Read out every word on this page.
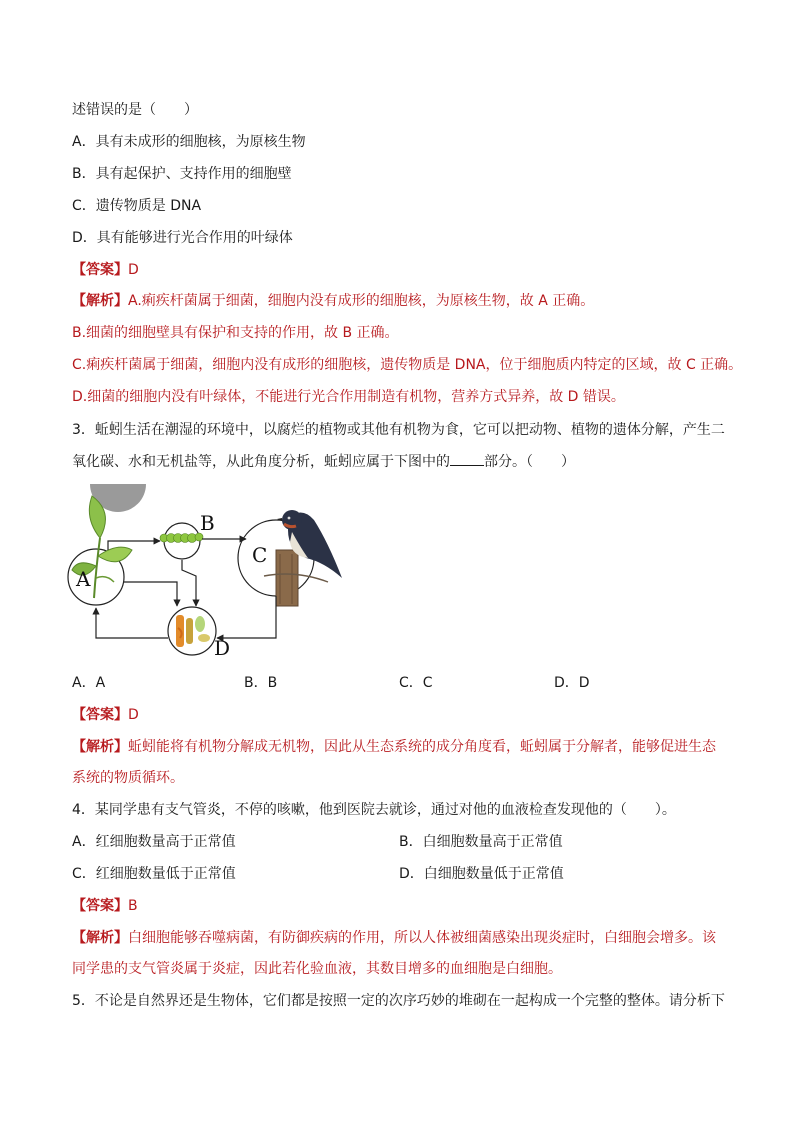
述错误的是（　　）
A．具有未成形的细胞核，为原核生物
B．具有起保护、支持作用的细胞壁
C．遗传物质是 DNA
D．具有能够进行光合作用的叶绿体
【答案】D
【解析】A.痢疾杆菌属于细菌，细胞内没有成形的细胞核，为原核生物，故 A 正确。
B.细菌的细胞壁具有保护和支持的作用，故 B 正确。
C.痢疾杆菌属于细菌，细胞内没有成形的细胞核，遗传物质是 DNA，位于细胞质内特定的区域，故 C 正确。
D.细菌的细胞内没有叶绿体，不能进行光合作用制造有机物，营养方式异养，故 D 错误。
3．蚯蚓生活在潮湿的环境中，以腐烂的植物或其他有机物为食，它可以把动物、植物的遗体分解，产生二
氧化碳、水和无机盐等，从此角度分析，蚯蚓应属于下图中的 部分。（　　）
A
B
C
D
A．A	B．B	C．C	D．D
【答案】D
【解析】蚯蚓能将有机物分解成无机物，因此从生态系统的成分角度看，蚯蚓属于分解者，能够促进生态
系统的物质循环。
4．某同学患有支气管炎，不停的咳嗽，他到医院去就诊，通过对他的血液检查发现他的（　　）。
A．红细胞数量高于正常值	B．白细胞数量高于正常值
C．红细胞数量低于正常值	D．白细胞数量低于正常值
【答案】B
【解析】白细胞能够吞噬病菌，有防御疾病的作用，所以人体被细菌感染出现炎症时，白细胞会增多。该
同学患的支气管炎属于炎症，因此若化验血液，其数目增多的血细胞是白细胞。
5．不论是自然界还是生物体，它们都是按照一定的次序巧妙的堆砌在一起构成一个完整的整体。请分析下
